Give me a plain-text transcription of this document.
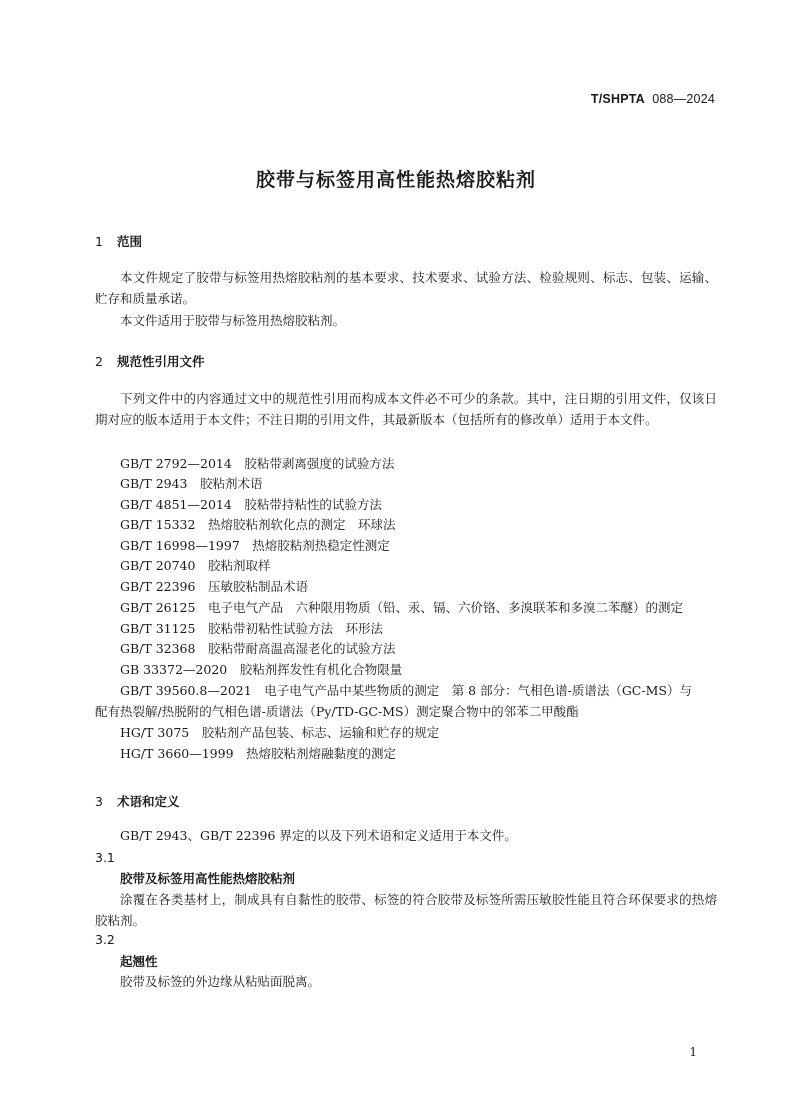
T/SHPTA 088—2024
胶带与标签用高性能热熔胶粘剂
1 范围
本文件规定了胶带与标签用热熔胶粘剂的基本要求、技术要求、试验方法、检验规则、标志、包装、运输、贮存和质量承诺。
本文件适用于胶带与标签用热熔胶粘剂。
2 规范性引用文件
下列文件中的内容通过文中的规范性引用而构成本文件必不可少的条款。其中，注日期的引用文件，仅该日期对应的版本适用于本文件；不注日期的引用文件，其最新版本（包括所有的修改单）适用于本文件。
GB/T 2792—2014　胶粘带剥离强度的试验方法
GB/T 2943　胶粘剂术语
GB/T 4851—2014　胶粘带持粘性的试验方法
GB/T 15332　热熔胶粘剂软化点的测定　环球法
GB/T 16998—1997　热熔胶粘剂热稳定性测定
GB/T 20740　胶粘剂取样
GB/T 22396　压敏胶粘制品术语
GB/T 26125　电子电气产品　六种限用物质（铅、汞、镉、六价铬、多溴联苯和多溴二苯醚）的测定
GB/T 31125　胶粘带初粘性试验方法　环形法
GB/T 32368　胶粘带耐高温高湿老化的试验方法
GB 33372—2020　胶粘剂挥发性有机化合物限量
GB/T 39560.8—2021　电子电气产品中某些物质的测定　第 8 部分：气相色谱-质谱法（GC-MS）与
配有热裂解/热脱附的气相色谱-质谱法（Py/TD-GC-MS）测定聚合物中的邻苯二甲酸酯
HG/T 3075　胶粘剂产品包装、标志、运输和贮存的规定
HG/T 3660—1999　热熔胶粘剂熔融黏度的测定
3 术语和定义
GB/T 2943、GB/T 22396 界定的以及下列术语和定义适用于本文件。
3.1
胶带及标签用高性能热熔胶粘剂
涂覆在各类基材上，制成具有自黏性的胶带、标签的符合胶带及标签所需压敏胶性能且符合环保要求的热熔胶粘剂。
3.2
起翘性
胶带及标签的外边缘从粘贴面脱离。
1
